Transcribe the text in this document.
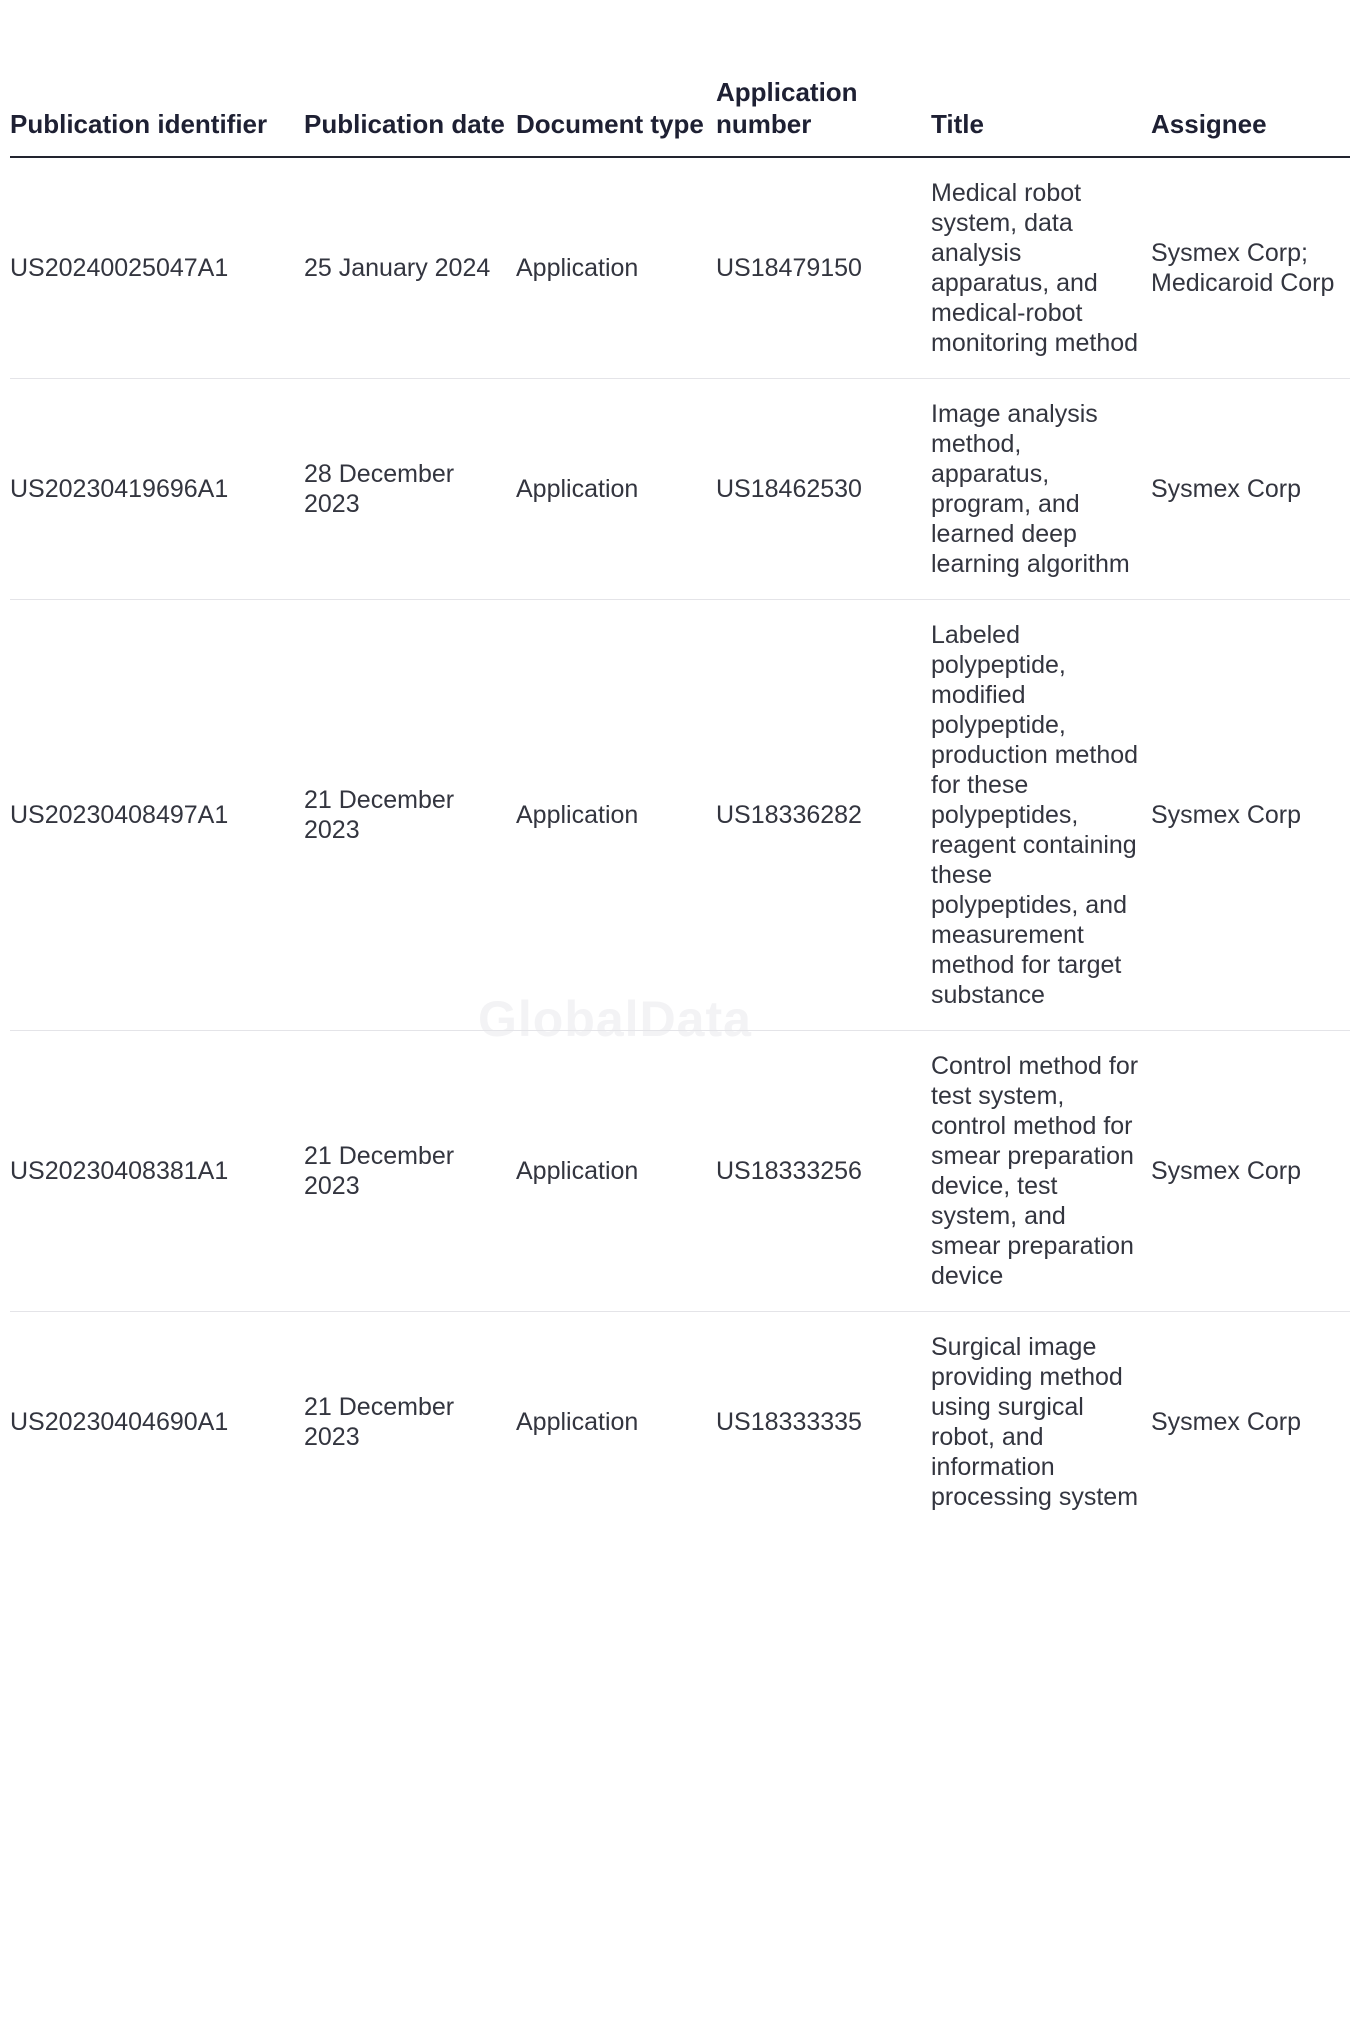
GlobalData
Publication identifier	Publication date	Document type	Application number	Title	Assignee
US20240025047A1	25 January 2024	Application	US18479150	Medical robot system, data analysis apparatus, and medical-robot monitoring method	Sysmex Corp; Medicaroid Corp
US20230419696A1	28 December 2023	Application	US18462530	Image analysis method, apparatus, program, and learned deep learning algorithm	Sysmex Corp
US20230408497A1	21 December 2023	Application	US18336282	Labeled polypeptide, modified polypeptide, production method for these polypeptides, reagent containing these polypeptides, and measurement method for target substance	Sysmex Corp
US20230408381A1	21 December 2023	Application	US18333256	Control method for test system, control method for smear preparation device, test system, and smear preparation device	Sysmex Corp
US20230404690A1	21 December 2023	Application	US18333335	Surgical image providing method using surgical robot, and information processing system	Sysmex Corp
